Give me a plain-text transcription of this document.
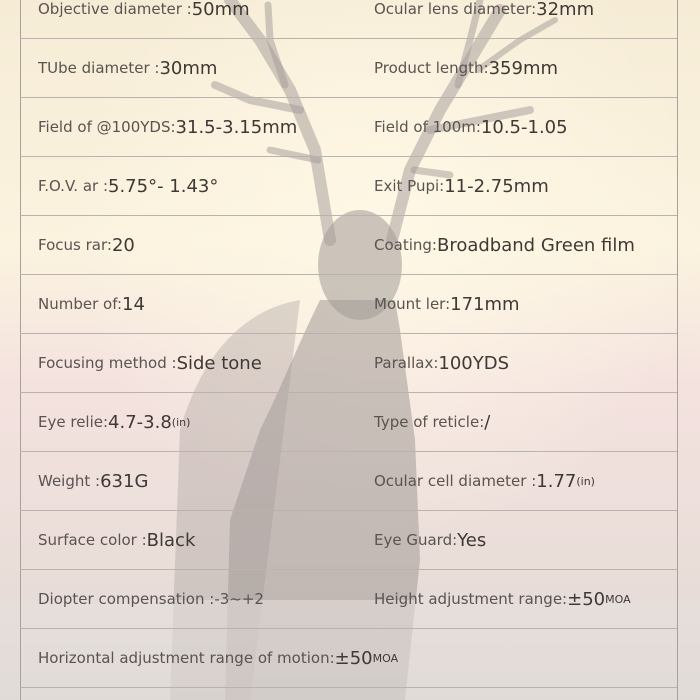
Objective diameter : 50mm	Ocular lens diameter: 32mm
TUbe diameter : 30mm	Product length: 359mm
Field of @100YDS: 31.5-3.15mm	Field of 100m: 10.5-1.05
F.O.V. ar : 5.75°- 1.43°	Exit Pupi: 11-2.75mm
Focus rar: 20	Coating: Broadband Green film
Number of: 14	Mount ler: 171mm
Focusing method : Side tone	Parallax: 100YDS
Eye relie: 4.7-3.8 (in)	Type of reticle: /
Weight : 631G	Ocular cell diameter : 1.77 (in)
Surface color : Black	Eye Guard: Yes
Diopter compensation : -3~+2	Height adjustment range: ±50 MOA
Horizontal adjustment range of motion: ±50 MOA
